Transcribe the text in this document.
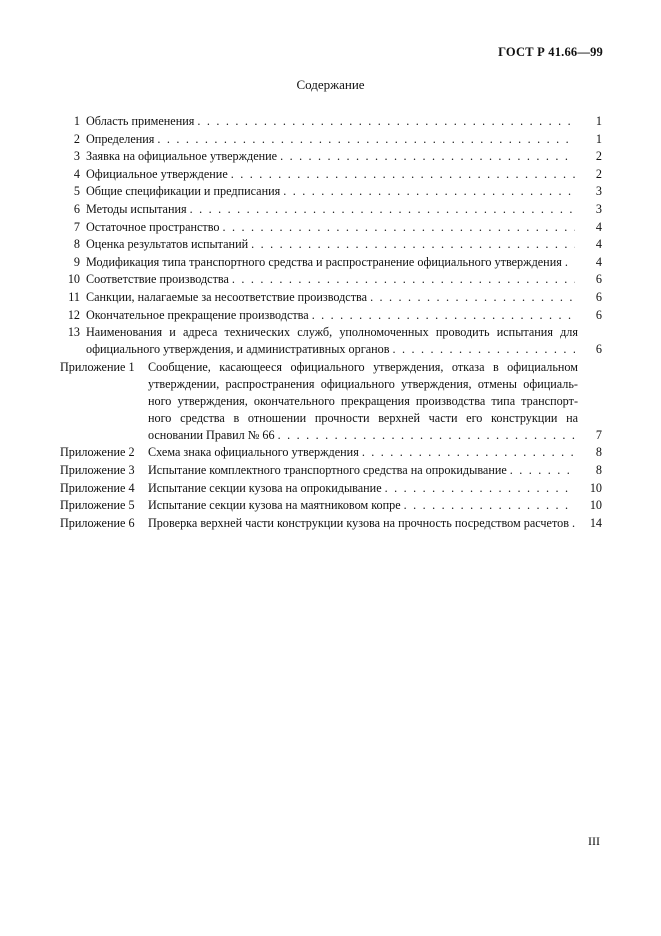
ГОСТ Р 41.66—99
Содержание
1 Область применения . . .	1
2 Определения . . .	1
3 Заявка на официальное утверждение . . .	2
4 Официальное утверждение . . .	2
5 Общие спецификации и предписания . . .	3
6 Методы испытания . . .	3
7 Остаточное пространство . . .	4
8 Оценка результатов испытаний . . .	4
9 Модификация типа транспортного средства и распространение официального утверждения . . .	4
10 Соответствие производства . . .	6
11 Санкции, налагаемые за несоответствие производства . . .	6
12 Окончательное прекращение производства . . .	6
13 Наименования и адреса технических служб, уполномоченных проводить испытания для
официального утверждения, и административных органов . . .	6
Приложение 1	Сообщение, касающееся официального утверждения, отказа в официальном
утверждении, распространения официального утверждения, отмены официаль-
ного утверждения, окончательного прекращения производства типа транспорт-
ного средства в отношении прочности верхней части его конструкции на
основании Правил № 66 . . .	7
Приложение 2	Схема знака официального утверждения . . .	8
Приложение 3	Испытание комплектного транспортного средства на опрокидывание . . .	8
Приложение 4	Испытание секции кузова на опрокидывание . . .	10
Приложение 5	Испытание секции кузова на маятниковом копре . . .	10
Приложение 6	Проверка верхней части конструкции кузова на прочность посредством расчетов . . .	14
III
